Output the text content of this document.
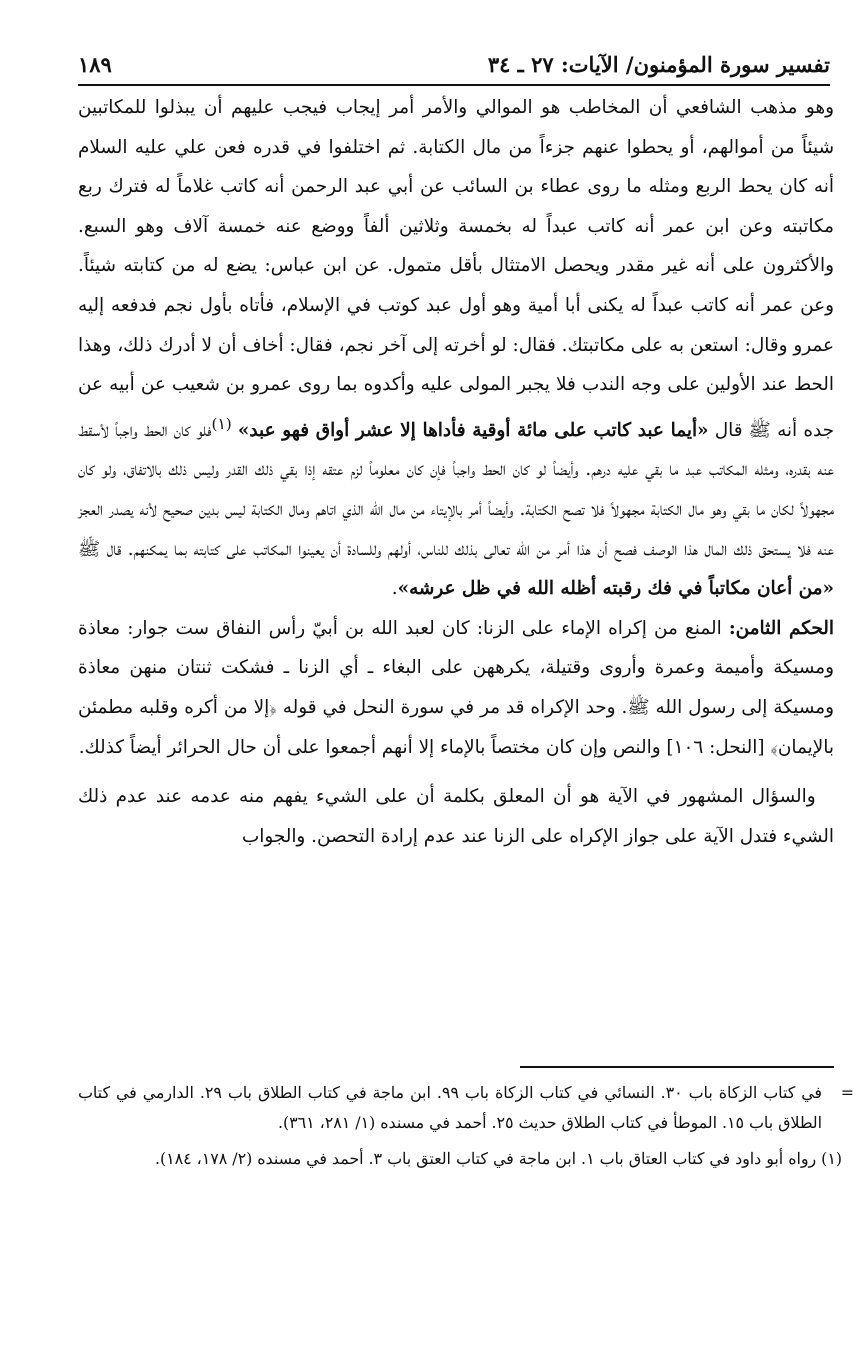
تفسير سورة المؤمنون/ الآيات: ٢٧ ـ ٣٤
١٨٩

وهو مذهب الشافعي أن المخاطب هو الموالي والأمر أمر إيجاب فيجب عليهم أن يبذلوا للمكاتبين شيئاً من أموالهم، أو يحطوا عنهم جزءاً من مال الكتابة. ثم اختلفوا في قدره فعن علي عليه السلام أنه كان يحط الربع ومثله ما روى عطاء بن السائب عن أبي عبد الرحمن أنه كاتب غلاماً له فترك ربع مكاتبته وعن ابن عمر أنه كاتب عبداً له بخمسة وثلاثين ألفاً ووضع عنه خمسة آلاف وهو السبع. والأكثرون على أنه غير مقدر ويحصل الامتثال بأقل متمول. عن ابن عباس: يضع له من كتابته شيئاً. وعن عمر أنه كاتب عبداً له يكنى أبا أمية وهو أول عبد كوتب في الإسلام، فأتاه بأول نجم فدفعه إليه عمرو وقال: استعن به على مكاتبتك. فقال: لو أخرته إلى آخر نجم، فقال: أخاف أن لا أدرك ذلك، وهذا الحط عند الأولين على وجه الندب فلا يجبر المولى عليه وأكدوه بما روى عمرو بن شعيب عن أبيه عن جده أنه ﷺ قال «أيما عبد كاتب على مائة أوقية فأداها إلا عشر أواق فهو عبد» $^{(١)}$فلو كان الحط واجباً لأسقط عنه بقدره، ومثله المكاتب عبد ما بقي عليه درهم. وأيضاً لو كان الحط واجباً فإن كان معلوماً لزم عتقه إذا بقي ذلك القدر وليس ذلك بالاتفاق، ولو كان مجهولاً لكان ما بقي وهو مال الكتابة مجهولاً فلا تصح الكتابة. وأيضاً أمر بالإيتاء من مال الله الذي اتاهم ومال الكتابة ليس بدين صحيح لأنه يصدر العجز عنه فلا يستحق ذلك المال هذا الوصف فصح أن هذا أمر من الله تعالى بذلك للناس، أولهم وللسادة أن يعينوا المكاتب على كتابته بما يمكنهم. قال ﷺ «من أعان مكاتباً في فك رقبته أظله الله في ظل عرشه».

الحكم الثامن: المنع من إكراه الإماء على الزنا: كان لعبد الله بن أبيّ رأس النفاق ست جوار: معاذة ومسيكة وأميمة وعمرة وأروى وقتيلة، يكرههن على البغاء ـ أي الزنا ـ فشكت ثنتان منهن معاذة ومسيكة إلى رسول الله ﷺ. وحد الإكراه قد مر في سورة النحل في قوله ﴿إلا من أكره وقلبه مطمئن بالإيمان﴾ [النحل: ١٠٦] والنص وإن كان مختصاً بالإماء إلا أنهم أجمعوا على أن حال الحرائر أيضاً كذلك.

 والسؤال المشهور في الآية هو أن المعلق بكلمة أن على الشيء يفهم منه عدمه عند عدم ذلك الشيء فتدل الآية على جواز الإكراه على الزنا عند عدم إرادة التحصن. والجواب

=
في كتاب الزكاة باب ٣٠. النسائي في كتاب الزكاة باب ٩٩. ابن ماجة في كتاب الطلاق باب ٢٩. الدارمي في كتاب الطلاق باب ١٥. الموطأ في كتاب الطلاق حديث ٢٥. أحمد في مسنده (١/ ٢٨١، ٣٦١).

(١) رواه أبو داود في كتاب العتاق باب ١. ابن ماجة في كتاب العتق باب ٣. أحمد في مسنده (٢/ ١٧٨، ١٨٤).
